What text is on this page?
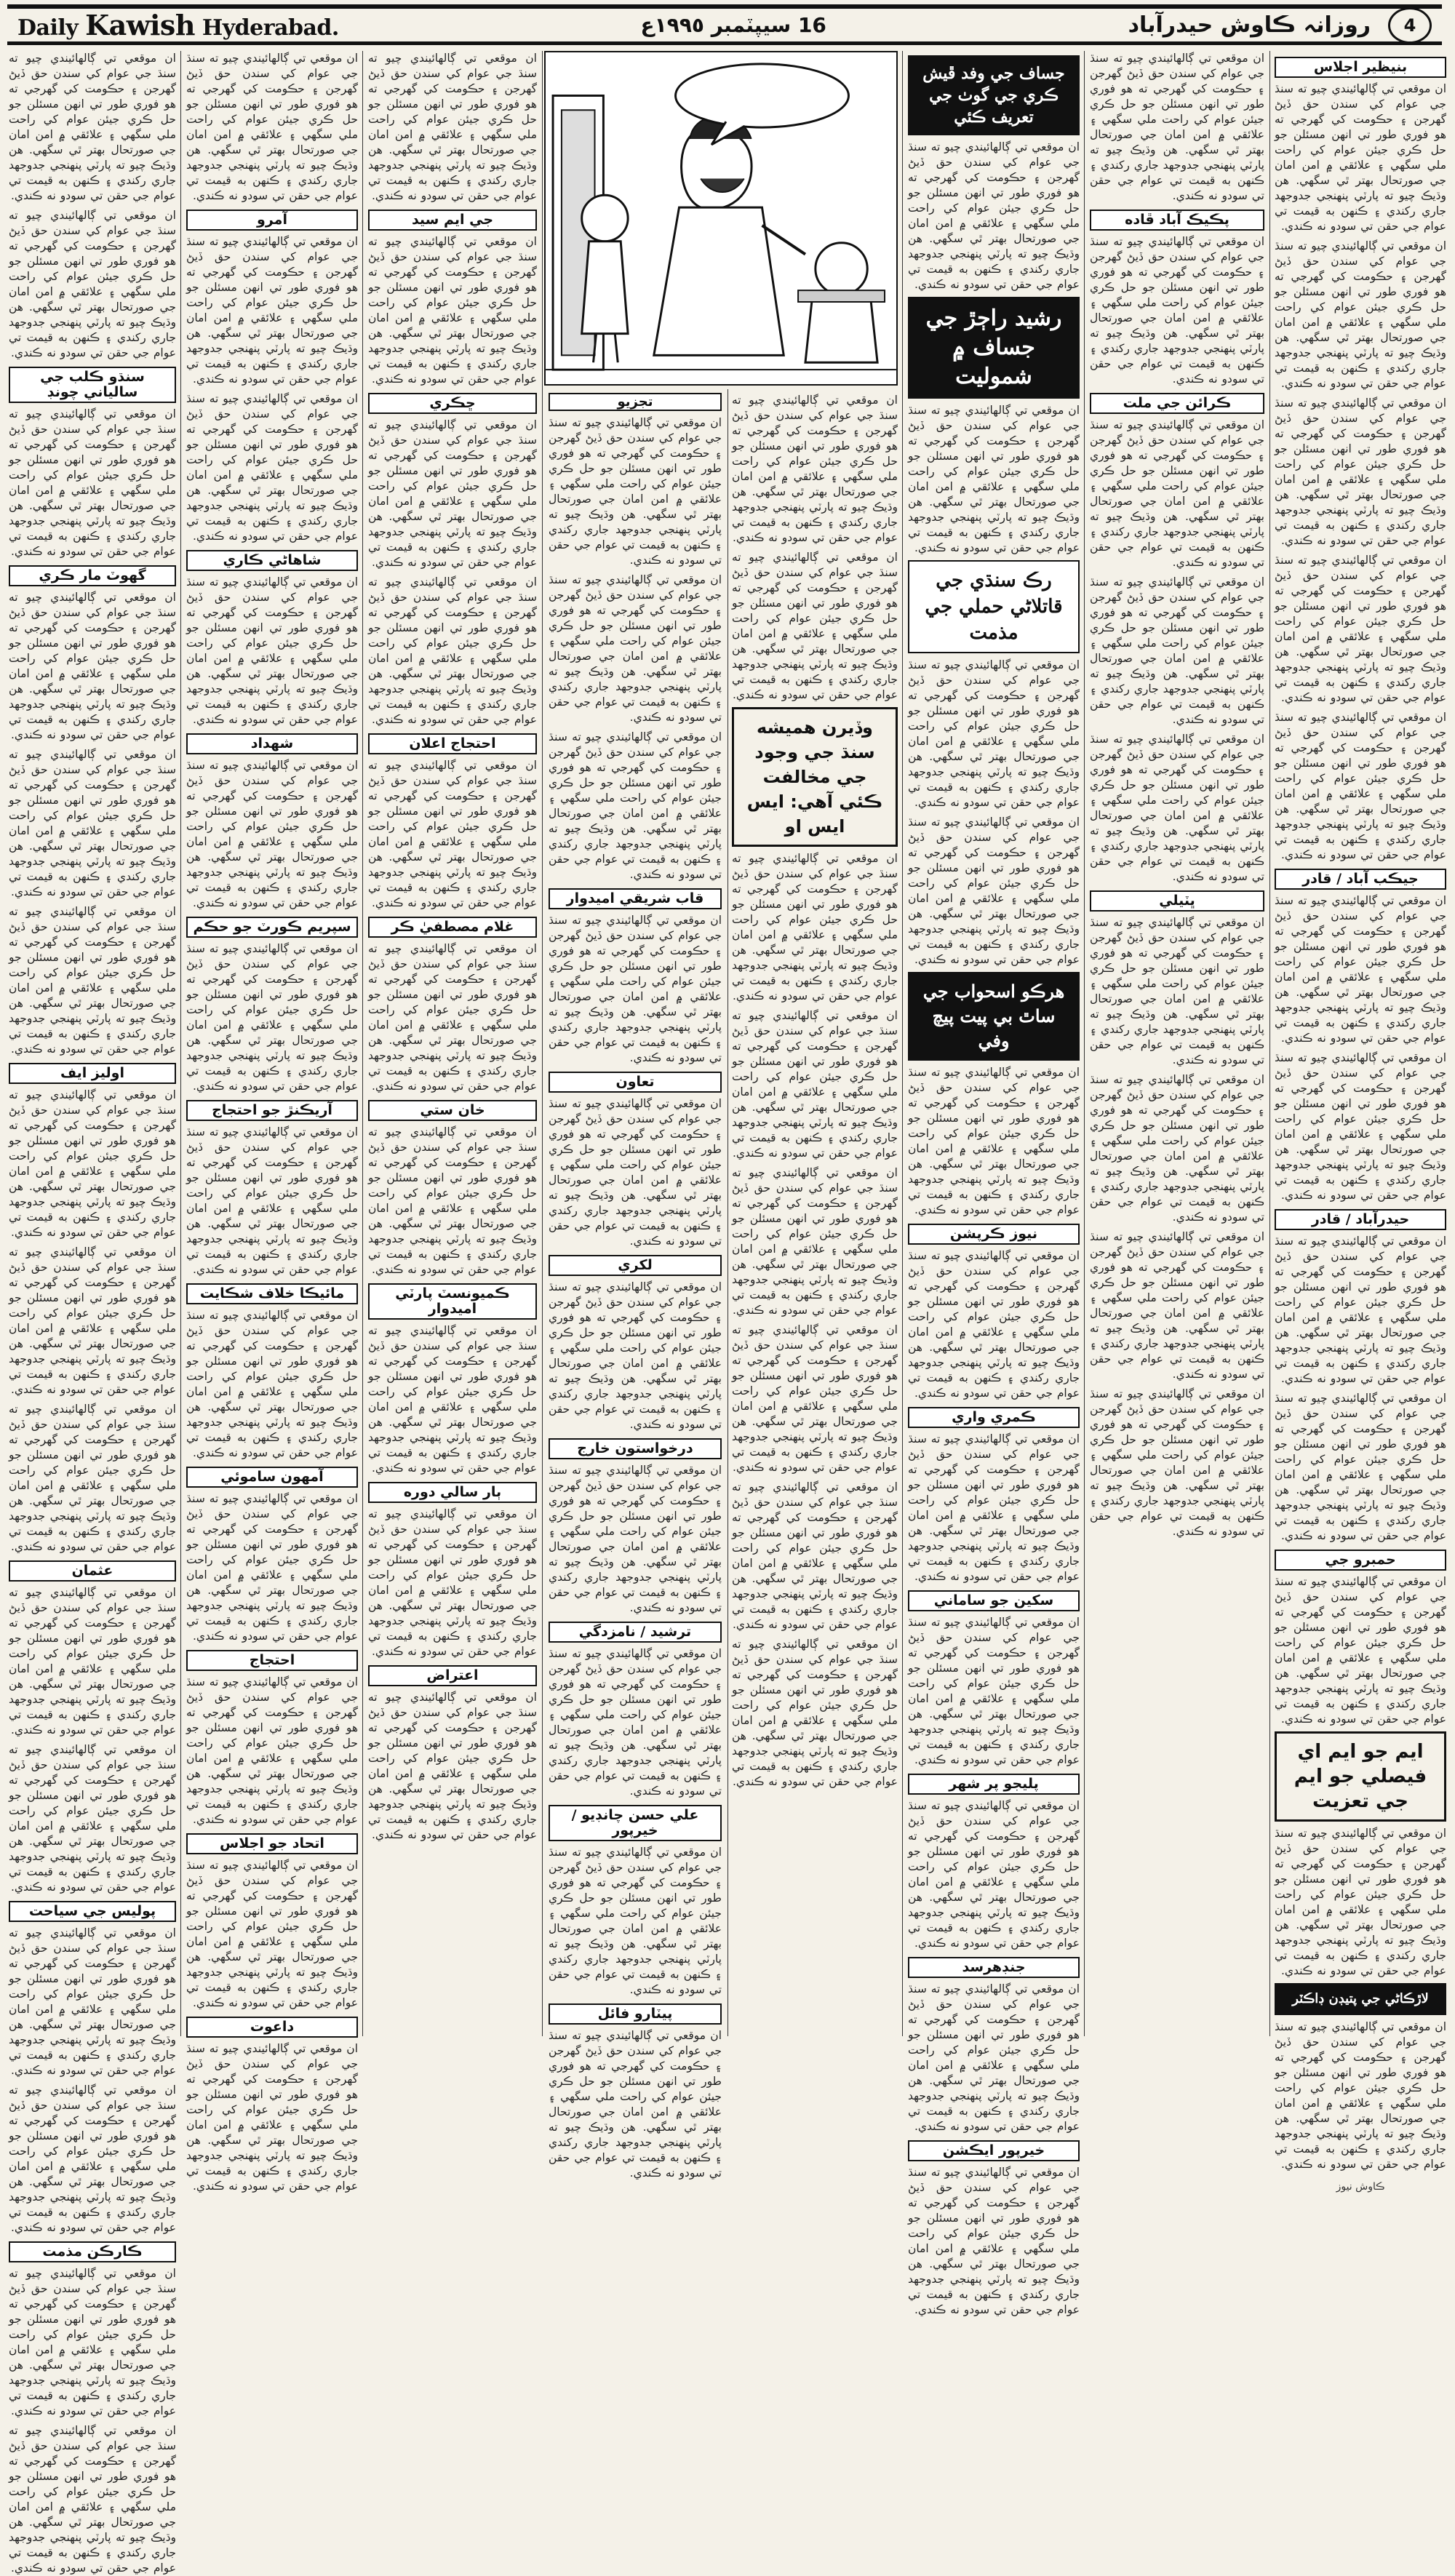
Daily Kawish Hyderabad.	16 سيپٽمبر ١٩٩٥ع	روزانہ ڪاوش حيدرآباد	4

ان موقعي تي ڳالهائيندي چيو ته سنڌ جي عوام کي سندن حق ڏيڻ گهرجن ۽ حڪومت کي گهرجي ته هو فوري طور تي انهن مسئلن جو حل ڪري جيئن عوام کي راحت ملي سگهي ۽ علائقي ۾ امن امان جي صورتحال بهتر ٿي سگهي. هن وڌيڪ چيو ته پارٽي پنهنجي جدوجهد جاري رکندي ۽ ڪنهن به قيمت تي عوام جي حقن تي سودو نه ڪندي.

ان موقعي تي ڳالهائيندي چيو ته سنڌ جي عوام کي سندن حق ڏيڻ گهرجن ۽ حڪومت کي گهرجي ته هو فوري طور تي انهن مسئلن جو حل ڪري جيئن عوام کي راحت ملي سگهي ۽ علائقي ۾ امن امان جي صورتحال بهتر ٿي سگهي. هن وڌيڪ چيو ته پارٽي پنهنجي جدوجهد جاري رکندي ۽ ڪنهن به قيمت تي عوام جي حقن تي سودو نه ڪندي.

سنڌو ڪلب جي سالياني چونڊ

ان موقعي تي ڳالهائيندي چيو ته سنڌ جي عوام کي سندن حق ڏيڻ گهرجن ۽ حڪومت کي گهرجي ته هو فوري طور تي انهن مسئلن جو حل ڪري جيئن عوام کي راحت ملي سگهي ۽ علائقي ۾ امن امان جي صورتحال بهتر ٿي سگهي. هن وڌيڪ چيو ته پارٽي پنهنجي جدوجهد جاري رکندي ۽ ڪنهن به قيمت تي عوام جي حقن تي سودو نه ڪندي.

گهوٽ مار ڪري

ان موقعي تي ڳالهائيندي چيو ته سنڌ جي عوام کي سندن حق ڏيڻ گهرجن ۽ حڪومت کي گهرجي ته هو فوري طور تي انهن مسئلن جو حل ڪري جيئن عوام کي راحت ملي سگهي ۽ علائقي ۾ امن امان جي صورتحال بهتر ٿي سگهي. هن وڌيڪ چيو ته پارٽي پنهنجي جدوجهد جاري رکندي ۽ ڪنهن به قيمت تي عوام جي حقن تي سودو نه ڪندي.

ان موقعي تي ڳالهائيندي چيو ته سنڌ جي عوام کي سندن حق ڏيڻ گهرجن ۽ حڪومت کي گهرجي ته هو فوري طور تي انهن مسئلن جو حل ڪري جيئن عوام کي راحت ملي سگهي ۽ علائقي ۾ امن امان جي صورتحال بهتر ٿي سگهي. هن وڌيڪ چيو ته پارٽي پنهنجي جدوجهد جاري رکندي ۽ ڪنهن به قيمت تي عوام جي حقن تي سودو نه ڪندي.

ان موقعي تي ڳالهائيندي چيو ته سنڌ جي عوام کي سندن حق ڏيڻ گهرجن ۽ حڪومت کي گهرجي ته هو فوري طور تي انهن مسئلن جو حل ڪري جيئن عوام کي راحت ملي سگهي ۽ علائقي ۾ امن امان جي صورتحال بهتر ٿي سگهي. هن وڌيڪ چيو ته پارٽي پنهنجي جدوجهد جاري رکندي ۽ ڪنهن به قيمت تي عوام جي حقن تي سودو نه ڪندي.

اوليز ايف

ان موقعي تي ڳالهائيندي چيو ته سنڌ جي عوام کي سندن حق ڏيڻ گهرجن ۽ حڪومت کي گهرجي ته هو فوري طور تي انهن مسئلن جو حل ڪري جيئن عوام کي راحت ملي سگهي ۽ علائقي ۾ امن امان جي صورتحال بهتر ٿي سگهي. هن وڌيڪ چيو ته پارٽي پنهنجي جدوجهد جاري رکندي ۽ ڪنهن به قيمت تي عوام جي حقن تي سودو نه ڪندي.

ان موقعي تي ڳالهائيندي چيو ته سنڌ جي عوام کي سندن حق ڏيڻ گهرجن ۽ حڪومت کي گهرجي ته هو فوري طور تي انهن مسئلن جو حل ڪري جيئن عوام کي راحت ملي سگهي ۽ علائقي ۾ امن امان جي صورتحال بهتر ٿي سگهي. هن وڌيڪ چيو ته پارٽي پنهنجي جدوجهد جاري رکندي ۽ ڪنهن به قيمت تي عوام جي حقن تي سودو نه ڪندي.

ان موقعي تي ڳالهائيندي چيو ته سنڌ جي عوام کي سندن حق ڏيڻ گهرجن ۽ حڪومت کي گهرجي ته هو فوري طور تي انهن مسئلن جو حل ڪري جيئن عوام کي راحت ملي سگهي ۽ علائقي ۾ امن امان جي صورتحال بهتر ٿي سگهي. هن وڌيڪ چيو ته پارٽي پنهنجي جدوجهد جاري رکندي ۽ ڪنهن به قيمت تي عوام جي حقن تي سودو نه ڪندي.

عثمان

ان موقعي تي ڳالهائيندي چيو ته سنڌ جي عوام کي سندن حق ڏيڻ گهرجن ۽ حڪومت کي گهرجي ته هو فوري طور تي انهن مسئلن جو حل ڪري جيئن عوام کي راحت ملي سگهي ۽ علائقي ۾ امن امان جي صورتحال بهتر ٿي سگهي. هن وڌيڪ چيو ته پارٽي پنهنجي جدوجهد جاري رکندي ۽ ڪنهن به قيمت تي عوام جي حقن تي سودو نه ڪندي.

ان موقعي تي ڳالهائيندي چيو ته سنڌ جي عوام کي سندن حق ڏيڻ گهرجن ۽ حڪومت کي گهرجي ته هو فوري طور تي انهن مسئلن جو حل ڪري جيئن عوام کي راحت ملي سگهي ۽ علائقي ۾ امن امان جي صورتحال بهتر ٿي سگهي. هن وڌيڪ چيو ته پارٽي پنهنجي جدوجهد جاري رکندي ۽ ڪنهن به قيمت تي عوام جي حقن تي سودو نه ڪندي.

پوليس جي سياحت

ان موقعي تي ڳالهائيندي چيو ته سنڌ جي عوام کي سندن حق ڏيڻ گهرجن ۽ حڪومت کي گهرجي ته هو فوري طور تي انهن مسئلن جو حل ڪري جيئن عوام کي راحت ملي سگهي ۽ علائقي ۾ امن امان جي صورتحال بهتر ٿي سگهي. هن وڌيڪ چيو ته پارٽي پنهنجي جدوجهد جاري رکندي ۽ ڪنهن به قيمت تي عوام جي حقن تي سودو نه ڪندي.

ان موقعي تي ڳالهائيندي چيو ته سنڌ جي عوام کي سندن حق ڏيڻ گهرجن ۽ حڪومت کي گهرجي ته هو فوري طور تي انهن مسئلن جو حل ڪري جيئن عوام کي راحت ملي سگهي ۽ علائقي ۾ امن امان جي صورتحال بهتر ٿي سگهي. هن وڌيڪ چيو ته پارٽي پنهنجي جدوجهد جاري رکندي ۽ ڪنهن به قيمت تي عوام جي حقن تي سودو نه ڪندي.

ڪارڪن مذمت

ان موقعي تي ڳالهائيندي چيو ته سنڌ جي عوام کي سندن حق ڏيڻ گهرجن ۽ حڪومت کي گهرجي ته هو فوري طور تي انهن مسئلن جو حل ڪري جيئن عوام کي راحت ملي سگهي ۽ علائقي ۾ امن امان جي صورتحال بهتر ٿي سگهي. هن وڌيڪ چيو ته پارٽي پنهنجي جدوجهد جاري رکندي ۽ ڪنهن به قيمت تي عوام جي حقن تي سودو نه ڪندي.

ان موقعي تي ڳالهائيندي چيو ته سنڌ جي عوام کي سندن حق ڏيڻ گهرجن ۽ حڪومت کي گهرجي ته هو فوري طور تي انهن مسئلن جو حل ڪري جيئن عوام کي راحت ملي سگهي ۽ علائقي ۾ امن امان جي صورتحال بهتر ٿي سگهي. هن وڌيڪ چيو ته پارٽي پنهنجي جدوجهد جاري رکندي ۽ ڪنهن به قيمت تي عوام جي حقن تي سودو نه ڪندي.

ان موقعي تي ڳالهائيندي چيو ته سنڌ جي عوام کي سندن حق ڏيڻ گهرجن ۽ حڪومت کي گهرجي ته هو فوري طور تي انهن مسئلن جو حل ڪري جيئن عوام کي راحت ملي سگهي ۽ علائقي ۾ امن امان جي صورتحال بهتر ٿي سگهي. هن وڌيڪ چيو ته پارٽي پنهنجي جدوجهد جاري رکندي ۽ ڪنهن به قيمت تي عوام جي حقن تي سودو نه ڪندي.

آمرو

ان موقعي تي ڳالهائيندي چيو ته سنڌ جي عوام کي سندن حق ڏيڻ گهرجن ۽ حڪومت کي گهرجي ته هو فوري طور تي انهن مسئلن جو حل ڪري جيئن عوام کي راحت ملي سگهي ۽ علائقي ۾ امن امان جي صورتحال بهتر ٿي سگهي. هن وڌيڪ چيو ته پارٽي پنهنجي جدوجهد جاري رکندي ۽ ڪنهن به قيمت تي عوام جي حقن تي سودو نه ڪندي.

ان موقعي تي ڳالهائيندي چيو ته سنڌ جي عوام کي سندن حق ڏيڻ گهرجن ۽ حڪومت کي گهرجي ته هو فوري طور تي انهن مسئلن جو حل ڪري جيئن عوام کي راحت ملي سگهي ۽ علائقي ۾ امن امان جي صورتحال بهتر ٿي سگهي. هن وڌيڪ چيو ته پارٽي پنهنجي جدوجهد جاري رکندي ۽ ڪنهن به قيمت تي عوام جي حقن تي سودو نه ڪندي.

شاهاڻي ڪاري

ان موقعي تي ڳالهائيندي چيو ته سنڌ جي عوام کي سندن حق ڏيڻ گهرجن ۽ حڪومت کي گهرجي ته هو فوري طور تي انهن مسئلن جو حل ڪري جيئن عوام کي راحت ملي سگهي ۽ علائقي ۾ امن امان جي صورتحال بهتر ٿي سگهي. هن وڌيڪ چيو ته پارٽي پنهنجي جدوجهد جاري رکندي ۽ ڪنهن به قيمت تي عوام جي حقن تي سودو نه ڪندي.

شهداد

ان موقعي تي ڳالهائيندي چيو ته سنڌ جي عوام کي سندن حق ڏيڻ گهرجن ۽ حڪومت کي گهرجي ته هو فوري طور تي انهن مسئلن جو حل ڪري جيئن عوام کي راحت ملي سگهي ۽ علائقي ۾ امن امان جي صورتحال بهتر ٿي سگهي. هن وڌيڪ چيو ته پارٽي پنهنجي جدوجهد جاري رکندي ۽ ڪنهن به قيمت تي عوام جي حقن تي سودو نه ڪندي.

سپريم ڪورٽ جو حڪم

ان موقعي تي ڳالهائيندي چيو ته سنڌ جي عوام کي سندن حق ڏيڻ گهرجن ۽ حڪومت کي گهرجي ته هو فوري طور تي انهن مسئلن جو حل ڪري جيئن عوام کي راحت ملي سگهي ۽ علائقي ۾ امن امان جي صورتحال بهتر ٿي سگهي. هن وڌيڪ چيو ته پارٽي پنهنجي جدوجهد جاري رکندي ۽ ڪنهن به قيمت تي عوام جي حقن تي سودو نه ڪندي.

آريڪنڙ جو احتجاج

ان موقعي تي ڳالهائيندي چيو ته سنڌ جي عوام کي سندن حق ڏيڻ گهرجن ۽ حڪومت کي گهرجي ته هو فوري طور تي انهن مسئلن جو حل ڪري جيئن عوام کي راحت ملي سگهي ۽ علائقي ۾ امن امان جي صورتحال بهتر ٿي سگهي. هن وڌيڪ چيو ته پارٽي پنهنجي جدوجهد جاري رکندي ۽ ڪنهن به قيمت تي عوام جي حقن تي سودو نه ڪندي.

مائيڪا خلاف شڪايت

ان موقعي تي ڳالهائيندي چيو ته سنڌ جي عوام کي سندن حق ڏيڻ گهرجن ۽ حڪومت کي گهرجي ته هو فوري طور تي انهن مسئلن جو حل ڪري جيئن عوام کي راحت ملي سگهي ۽ علائقي ۾ امن امان جي صورتحال بهتر ٿي سگهي. هن وڌيڪ چيو ته پارٽي پنهنجي جدوجهد جاري رکندي ۽ ڪنهن به قيمت تي عوام جي حقن تي سودو نه ڪندي.

آمهون ساموئي

ان موقعي تي ڳالهائيندي چيو ته سنڌ جي عوام کي سندن حق ڏيڻ گهرجن ۽ حڪومت کي گهرجي ته هو فوري طور تي انهن مسئلن جو حل ڪري جيئن عوام کي راحت ملي سگهي ۽ علائقي ۾ امن امان جي صورتحال بهتر ٿي سگهي. هن وڌيڪ چيو ته پارٽي پنهنجي جدوجهد جاري رکندي ۽ ڪنهن به قيمت تي عوام جي حقن تي سودو نه ڪندي.

احتجاج

ان موقعي تي ڳالهائيندي چيو ته سنڌ جي عوام کي سندن حق ڏيڻ گهرجن ۽ حڪومت کي گهرجي ته هو فوري طور تي انهن مسئلن جو حل ڪري جيئن عوام کي راحت ملي سگهي ۽ علائقي ۾ امن امان جي صورتحال بهتر ٿي سگهي. هن وڌيڪ چيو ته پارٽي پنهنجي جدوجهد جاري رکندي ۽ ڪنهن به قيمت تي عوام جي حقن تي سودو نه ڪندي.

اتحاد جو اجلاس

ان موقعي تي ڳالهائيندي چيو ته سنڌ جي عوام کي سندن حق ڏيڻ گهرجن ۽ حڪومت کي گهرجي ته هو فوري طور تي انهن مسئلن جو حل ڪري جيئن عوام کي راحت ملي سگهي ۽ علائقي ۾ امن امان جي صورتحال بهتر ٿي سگهي. هن وڌيڪ چيو ته پارٽي پنهنجي جدوجهد جاري رکندي ۽ ڪنهن به قيمت تي عوام جي حقن تي سودو نه ڪندي.

داعوت

ان موقعي تي ڳالهائيندي چيو ته سنڌ جي عوام کي سندن حق ڏيڻ گهرجن ۽ حڪومت کي گهرجي ته هو فوري طور تي انهن مسئلن جو حل ڪري جيئن عوام کي راحت ملي سگهي ۽ علائقي ۾ امن امان جي صورتحال بهتر ٿي سگهي. هن وڌيڪ چيو ته پارٽي پنهنجي جدوجهد جاري رکندي ۽ ڪنهن به قيمت تي عوام جي حقن تي سودو نه ڪندي.

ان موقعي تي ڳالهائيندي چيو ته سنڌ جي عوام کي سندن حق ڏيڻ گهرجن ۽ حڪومت کي گهرجي ته هو فوري طور تي انهن مسئلن جو حل ڪري جيئن عوام کي راحت ملي سگهي ۽ علائقي ۾ امن امان جي صورتحال بهتر ٿي سگهي. هن وڌيڪ چيو ته پارٽي پنهنجي جدوجهد جاري رکندي ۽ ڪنهن به قيمت تي عوام جي حقن تي سودو نه ڪندي.

جي ايم سيد

ان موقعي تي ڳالهائيندي چيو ته سنڌ جي عوام کي سندن حق ڏيڻ گهرجن ۽ حڪومت کي گهرجي ته هو فوري طور تي انهن مسئلن جو حل ڪري جيئن عوام کي راحت ملي سگهي ۽ علائقي ۾ امن امان جي صورتحال بهتر ٿي سگهي. هن وڌيڪ چيو ته پارٽي پنهنجي جدوجهد جاري رکندي ۽ ڪنهن به قيمت تي عوام جي حقن تي سودو نه ڪندي.

ڇڪري

ان موقعي تي ڳالهائيندي چيو ته سنڌ جي عوام کي سندن حق ڏيڻ گهرجن ۽ حڪومت کي گهرجي ته هو فوري طور تي انهن مسئلن جو حل ڪري جيئن عوام کي راحت ملي سگهي ۽ علائقي ۾ امن امان جي صورتحال بهتر ٿي سگهي. هن وڌيڪ چيو ته پارٽي پنهنجي جدوجهد جاري رکندي ۽ ڪنهن به قيمت تي عوام جي حقن تي سودو نه ڪندي.

ان موقعي تي ڳالهائيندي چيو ته سنڌ جي عوام کي سندن حق ڏيڻ گهرجن ۽ حڪومت کي گهرجي ته هو فوري طور تي انهن مسئلن جو حل ڪري جيئن عوام کي راحت ملي سگهي ۽ علائقي ۾ امن امان جي صورتحال بهتر ٿي سگهي. هن وڌيڪ چيو ته پارٽي پنهنجي جدوجهد جاري رکندي ۽ ڪنهن به قيمت تي عوام جي حقن تي سودو نه ڪندي.

احتجاج اعلان

ان موقعي تي ڳالهائيندي چيو ته سنڌ جي عوام کي سندن حق ڏيڻ گهرجن ۽ حڪومت کي گهرجي ته هو فوري طور تي انهن مسئلن جو حل ڪري جيئن عوام کي راحت ملي سگهي ۽ علائقي ۾ امن امان جي صورتحال بهتر ٿي سگهي. هن وڌيڪ چيو ته پارٽي پنهنجي جدوجهد جاري رکندي ۽ ڪنهن به قيمت تي عوام جي حقن تي سودو نه ڪندي.

غلام مصطفيٰ ڪر

ان موقعي تي ڳالهائيندي چيو ته سنڌ جي عوام کي سندن حق ڏيڻ گهرجن ۽ حڪومت کي گهرجي ته هو فوري طور تي انهن مسئلن جو حل ڪري جيئن عوام کي راحت ملي سگهي ۽ علائقي ۾ امن امان جي صورتحال بهتر ٿي سگهي. هن وڌيڪ چيو ته پارٽي پنهنجي جدوجهد جاري رکندي ۽ ڪنهن به قيمت تي عوام جي حقن تي سودو نه ڪندي.

خان ستي

ان موقعي تي ڳالهائيندي چيو ته سنڌ جي عوام کي سندن حق ڏيڻ گهرجن ۽ حڪومت کي گهرجي ته هو فوري طور تي انهن مسئلن جو حل ڪري جيئن عوام کي راحت ملي سگهي ۽ علائقي ۾ امن امان جي صورتحال بهتر ٿي سگهي. هن وڌيڪ چيو ته پارٽي پنهنجي جدوجهد جاري رکندي ۽ ڪنهن به قيمت تي عوام جي حقن تي سودو نه ڪندي.

ڪميونسٽ پارٽي اميدوار

ان موقعي تي ڳالهائيندي چيو ته سنڌ جي عوام کي سندن حق ڏيڻ گهرجن ۽ حڪومت کي گهرجي ته هو فوري طور تي انهن مسئلن جو حل ڪري جيئن عوام کي راحت ملي سگهي ۽ علائقي ۾ امن امان جي صورتحال بهتر ٿي سگهي. هن وڌيڪ چيو ته پارٽي پنهنجي جدوجهد جاري رکندي ۽ ڪنهن به قيمت تي عوام جي حقن تي سودو نه ڪندي.

ٻار سالي دوره

ان موقعي تي ڳالهائيندي چيو ته سنڌ جي عوام کي سندن حق ڏيڻ گهرجن ۽ حڪومت کي گهرجي ته هو فوري طور تي انهن مسئلن جو حل ڪري جيئن عوام کي راحت ملي سگهي ۽ علائقي ۾ امن امان جي صورتحال بهتر ٿي سگهي. هن وڌيڪ چيو ته پارٽي پنهنجي جدوجهد جاري رکندي ۽ ڪنهن به قيمت تي عوام جي حقن تي سودو نه ڪندي.

اعتراض

ان موقعي تي ڳالهائيندي چيو ته سنڌ جي عوام کي سندن حق ڏيڻ گهرجن ۽ حڪومت کي گهرجي ته هو فوري طور تي انهن مسئلن جو حل ڪري جيئن عوام کي راحت ملي سگهي ۽ علائقي ۾ امن امان جي صورتحال بهتر ٿي سگهي. هن وڌيڪ چيو ته پارٽي پنهنجي جدوجهد جاري رکندي ۽ ڪنهن به قيمت تي عوام جي حقن تي سودو نه ڪندي.

تجزيو

ان موقعي تي ڳالهائيندي چيو ته سنڌ جي عوام کي سندن حق ڏيڻ گهرجن ۽ حڪومت کي گهرجي ته هو فوري طور تي انهن مسئلن جو حل ڪري جيئن عوام کي راحت ملي سگهي ۽ علائقي ۾ امن امان جي صورتحال بهتر ٿي سگهي. هن وڌيڪ چيو ته پارٽي پنهنجي جدوجهد جاري رکندي ۽ ڪنهن به قيمت تي عوام جي حقن تي سودو نه ڪندي.

ان موقعي تي ڳالهائيندي چيو ته سنڌ جي عوام کي سندن حق ڏيڻ گهرجن ۽ حڪومت کي گهرجي ته هو فوري طور تي انهن مسئلن جو حل ڪري جيئن عوام کي راحت ملي سگهي ۽ علائقي ۾ امن امان جي صورتحال بهتر ٿي سگهي. هن وڌيڪ چيو ته پارٽي پنهنجي جدوجهد جاري رکندي ۽ ڪنهن به قيمت تي عوام جي حقن تي سودو نه ڪندي.

ان موقعي تي ڳالهائيندي چيو ته سنڌ جي عوام کي سندن حق ڏيڻ گهرجن ۽ حڪومت کي گهرجي ته هو فوري طور تي انهن مسئلن جو حل ڪري جيئن عوام کي راحت ملي سگهي ۽ علائقي ۾ امن امان جي صورتحال بهتر ٿي سگهي. هن وڌيڪ چيو ته پارٽي پنهنجي جدوجهد جاري رکندي ۽ ڪنهن به قيمت تي عوام جي حقن تي سودو نه ڪندي.

قاب شريقي اميدوار

ان موقعي تي ڳالهائيندي چيو ته سنڌ جي عوام کي سندن حق ڏيڻ گهرجن ۽ حڪومت کي گهرجي ته هو فوري طور تي انهن مسئلن جو حل ڪري جيئن عوام کي راحت ملي سگهي ۽ علائقي ۾ امن امان جي صورتحال بهتر ٿي سگهي. هن وڌيڪ چيو ته پارٽي پنهنجي جدوجهد جاري رکندي ۽ ڪنهن به قيمت تي عوام جي حقن تي سودو نه ڪندي.

تعاون

ان موقعي تي ڳالهائيندي چيو ته سنڌ جي عوام کي سندن حق ڏيڻ گهرجن ۽ حڪومت کي گهرجي ته هو فوري طور تي انهن مسئلن جو حل ڪري جيئن عوام کي راحت ملي سگهي ۽ علائقي ۾ امن امان جي صورتحال بهتر ٿي سگهي. هن وڌيڪ چيو ته پارٽي پنهنجي جدوجهد جاري رکندي ۽ ڪنهن به قيمت تي عوام جي حقن تي سودو نه ڪندي.

لکري

ان موقعي تي ڳالهائيندي چيو ته سنڌ جي عوام کي سندن حق ڏيڻ گهرجن ۽ حڪومت کي گهرجي ته هو فوري طور تي انهن مسئلن جو حل ڪري جيئن عوام کي راحت ملي سگهي ۽ علائقي ۾ امن امان جي صورتحال بهتر ٿي سگهي. هن وڌيڪ چيو ته پارٽي پنهنجي جدوجهد جاري رکندي ۽ ڪنهن به قيمت تي عوام جي حقن تي سودو نه ڪندي.

درخواستون خارج

ان موقعي تي ڳالهائيندي چيو ته سنڌ جي عوام کي سندن حق ڏيڻ گهرجن ۽ حڪومت کي گهرجي ته هو فوري طور تي انهن مسئلن جو حل ڪري جيئن عوام کي راحت ملي سگهي ۽ علائقي ۾ امن امان جي صورتحال بهتر ٿي سگهي. هن وڌيڪ چيو ته پارٽي پنهنجي جدوجهد جاري رکندي ۽ ڪنهن به قيمت تي عوام جي حقن تي سودو نه ڪندي.

ترشيد / نامزدگي

ان موقعي تي ڳالهائيندي چيو ته سنڌ جي عوام کي سندن حق ڏيڻ گهرجن ۽ حڪومت کي گهرجي ته هو فوري طور تي انهن مسئلن جو حل ڪري جيئن عوام کي راحت ملي سگهي ۽ علائقي ۾ امن امان جي صورتحال بهتر ٿي سگهي. هن وڌيڪ چيو ته پارٽي پنهنجي جدوجهد جاري رکندي ۽ ڪنهن به قيمت تي عوام جي حقن تي سودو نه ڪندي.

علي حسن چانڊيو / خيرپور

ان موقعي تي ڳالهائيندي چيو ته سنڌ جي عوام کي سندن حق ڏيڻ گهرجن ۽ حڪومت کي گهرجي ته هو فوري طور تي انهن مسئلن جو حل ڪري جيئن عوام کي راحت ملي سگهي ۽ علائقي ۾ امن امان جي صورتحال بهتر ٿي سگهي. هن وڌيڪ چيو ته پارٽي پنهنجي جدوجهد جاري رکندي ۽ ڪنهن به قيمت تي عوام جي حقن تي سودو نه ڪندي.

پيٽارو فائل

ان موقعي تي ڳالهائيندي چيو ته سنڌ جي عوام کي سندن حق ڏيڻ گهرجن ۽ حڪومت کي گهرجي ته هو فوري طور تي انهن مسئلن جو حل ڪري جيئن عوام کي راحت ملي سگهي ۽ علائقي ۾ امن امان جي صورتحال بهتر ٿي سگهي. هن وڌيڪ چيو ته پارٽي پنهنجي جدوجهد جاري رکندي ۽ ڪنهن به قيمت تي عوام جي حقن تي سودو نه ڪندي.

ان موقعي تي ڳالهائيندي چيو ته سنڌ جي عوام کي سندن حق ڏيڻ گهرجن ۽ حڪومت کي گهرجي ته هو فوري طور تي انهن مسئلن جو حل ڪري جيئن عوام کي راحت ملي سگهي ۽ علائقي ۾ امن امان جي صورتحال بهتر ٿي سگهي. هن وڌيڪ چيو ته پارٽي پنهنجي جدوجهد جاري رکندي ۽ ڪنهن به قيمت تي عوام جي حقن تي سودو نه ڪندي.

ان موقعي تي ڳالهائيندي چيو ته سنڌ جي عوام کي سندن حق ڏيڻ گهرجن ۽ حڪومت کي گهرجي ته هو فوري طور تي انهن مسئلن جو حل ڪري جيئن عوام کي راحت ملي سگهي ۽ علائقي ۾ امن امان جي صورتحال بهتر ٿي سگهي. هن وڌيڪ چيو ته پارٽي پنهنجي جدوجهد جاري رکندي ۽ ڪنهن به قيمت تي عوام جي حقن تي سودو نه ڪندي.

وڏيرن هميشه سنڌ جي وجود جي مخالفت ڪئي آهي: ايس ايس او

ان موقعي تي ڳالهائيندي چيو ته سنڌ جي عوام کي سندن حق ڏيڻ گهرجن ۽ حڪومت کي گهرجي ته هو فوري طور تي انهن مسئلن جو حل ڪري جيئن عوام کي راحت ملي سگهي ۽ علائقي ۾ امن امان جي صورتحال بهتر ٿي سگهي. هن وڌيڪ چيو ته پارٽي پنهنجي جدوجهد جاري رکندي ۽ ڪنهن به قيمت تي عوام جي حقن تي سودو نه ڪندي.

ان موقعي تي ڳالهائيندي چيو ته سنڌ جي عوام کي سندن حق ڏيڻ گهرجن ۽ حڪومت کي گهرجي ته هو فوري طور تي انهن مسئلن جو حل ڪري جيئن عوام کي راحت ملي سگهي ۽ علائقي ۾ امن امان جي صورتحال بهتر ٿي سگهي. هن وڌيڪ چيو ته پارٽي پنهنجي جدوجهد جاري رکندي ۽ ڪنهن به قيمت تي عوام جي حقن تي سودو نه ڪندي.

ان موقعي تي ڳالهائيندي چيو ته سنڌ جي عوام کي سندن حق ڏيڻ گهرجن ۽ حڪومت کي گهرجي ته هو فوري طور تي انهن مسئلن جو حل ڪري جيئن عوام کي راحت ملي سگهي ۽ علائقي ۾ امن امان جي صورتحال بهتر ٿي سگهي. هن وڌيڪ چيو ته پارٽي پنهنجي جدوجهد جاري رکندي ۽ ڪنهن به قيمت تي عوام جي حقن تي سودو نه ڪندي.

ان موقعي تي ڳالهائيندي چيو ته سنڌ جي عوام کي سندن حق ڏيڻ گهرجن ۽ حڪومت کي گهرجي ته هو فوري طور تي انهن مسئلن جو حل ڪري جيئن عوام کي راحت ملي سگهي ۽ علائقي ۾ امن امان جي صورتحال بهتر ٿي سگهي. هن وڌيڪ چيو ته پارٽي پنهنجي جدوجهد جاري رکندي ۽ ڪنهن به قيمت تي عوام جي حقن تي سودو نه ڪندي.

ان موقعي تي ڳالهائيندي چيو ته سنڌ جي عوام کي سندن حق ڏيڻ گهرجن ۽ حڪومت کي گهرجي ته هو فوري طور تي انهن مسئلن جو حل ڪري جيئن عوام کي راحت ملي سگهي ۽ علائقي ۾ امن امان جي صورتحال بهتر ٿي سگهي. هن وڌيڪ چيو ته پارٽي پنهنجي جدوجهد جاري رکندي ۽ ڪنهن به قيمت تي عوام جي حقن تي سودو نه ڪندي.

ان موقعي تي ڳالهائيندي چيو ته سنڌ جي عوام کي سندن حق ڏيڻ گهرجن ۽ حڪومت کي گهرجي ته هو فوري طور تي انهن مسئلن جو حل ڪري جيئن عوام کي راحت ملي سگهي ۽ علائقي ۾ امن امان جي صورتحال بهتر ٿي سگهي. هن وڌيڪ چيو ته پارٽي پنهنجي جدوجهد جاري رکندي ۽ ڪنهن به قيمت تي عوام جي حقن تي سودو نه ڪندي.

جساف جي وفد ڦيش ڪري جي گوٺ جي تعريف ڪئي

ان موقعي تي ڳالهائيندي چيو ته سنڌ جي عوام کي سندن حق ڏيڻ گهرجن ۽ حڪومت کي گهرجي ته هو فوري طور تي انهن مسئلن جو حل ڪري جيئن عوام کي راحت ملي سگهي ۽ علائقي ۾ امن امان جي صورتحال بهتر ٿي سگهي. هن وڌيڪ چيو ته پارٽي پنهنجي جدوجهد جاري رکندي ۽ ڪنهن به قيمت تي عوام جي حقن تي سودو نه ڪندي.

رشيد راڄڙ جي جساف ۾ شموليت

ان موقعي تي ڳالهائيندي چيو ته سنڌ جي عوام کي سندن حق ڏيڻ گهرجن ۽ حڪومت کي گهرجي ته هو فوري طور تي انهن مسئلن جو حل ڪري جيئن عوام کي راحت ملي سگهي ۽ علائقي ۾ امن امان جي صورتحال بهتر ٿي سگهي. هن وڌيڪ چيو ته پارٽي پنهنجي جدوجهد جاري رکندي ۽ ڪنهن به قيمت تي عوام جي حقن تي سودو نه ڪندي.

رڪ سنڌي جي قاتلاڻي حملي جي مذمت

ان موقعي تي ڳالهائيندي چيو ته سنڌ جي عوام کي سندن حق ڏيڻ گهرجن ۽ حڪومت کي گهرجي ته هو فوري طور تي انهن مسئلن جو حل ڪري جيئن عوام کي راحت ملي سگهي ۽ علائقي ۾ امن امان جي صورتحال بهتر ٿي سگهي. هن وڌيڪ چيو ته پارٽي پنهنجي جدوجهد جاري رکندي ۽ ڪنهن به قيمت تي عوام جي حقن تي سودو نه ڪندي.

ان موقعي تي ڳالهائيندي چيو ته سنڌ جي عوام کي سندن حق ڏيڻ گهرجن ۽ حڪومت کي گهرجي ته هو فوري طور تي انهن مسئلن جو حل ڪري جيئن عوام کي راحت ملي سگهي ۽ علائقي ۾ امن امان جي صورتحال بهتر ٿي سگهي. هن وڌيڪ چيو ته پارٽي پنهنجي جدوجهد جاري رکندي ۽ ڪنهن به قيمت تي عوام جي حقن تي سودو نه ڪندي.

هرڪو اسحواب جي ساٿ بي پيت پيچ وفي

ان موقعي تي ڳالهائيندي چيو ته سنڌ جي عوام کي سندن حق ڏيڻ گهرجن ۽ حڪومت کي گهرجي ته هو فوري طور تي انهن مسئلن جو حل ڪري جيئن عوام کي راحت ملي سگهي ۽ علائقي ۾ امن امان جي صورتحال بهتر ٿي سگهي. هن وڌيڪ چيو ته پارٽي پنهنجي جدوجهد جاري رکندي ۽ ڪنهن به قيمت تي عوام جي حقن تي سودو نه ڪندي.

نيوز ڪرپشن

ان موقعي تي ڳالهائيندي چيو ته سنڌ جي عوام کي سندن حق ڏيڻ گهرجن ۽ حڪومت کي گهرجي ته هو فوري طور تي انهن مسئلن جو حل ڪري جيئن عوام کي راحت ملي سگهي ۽ علائقي ۾ امن امان جي صورتحال بهتر ٿي سگهي. هن وڌيڪ چيو ته پارٽي پنهنجي جدوجهد جاري رکندي ۽ ڪنهن به قيمت تي عوام جي حقن تي سودو نه ڪندي.

ڪمري واري

ان موقعي تي ڳالهائيندي چيو ته سنڌ جي عوام کي سندن حق ڏيڻ گهرجن ۽ حڪومت کي گهرجي ته هو فوري طور تي انهن مسئلن جو حل ڪري جيئن عوام کي راحت ملي سگهي ۽ علائقي ۾ امن امان جي صورتحال بهتر ٿي سگهي. هن وڌيڪ چيو ته پارٽي پنهنجي جدوجهد جاري رکندي ۽ ڪنهن به قيمت تي عوام جي حقن تي سودو نه ڪندي.

سکين جو ساماني

ان موقعي تي ڳالهائيندي چيو ته سنڌ جي عوام کي سندن حق ڏيڻ گهرجن ۽ حڪومت کي گهرجي ته هو فوري طور تي انهن مسئلن جو حل ڪري جيئن عوام کي راحت ملي سگهي ۽ علائقي ۾ امن امان جي صورتحال بهتر ٿي سگهي. هن وڌيڪ چيو ته پارٽي پنهنجي جدوجهد جاري رکندي ۽ ڪنهن به قيمت تي عوام جي حقن تي سودو نه ڪندي.

پليجو پر شهر

ان موقعي تي ڳالهائيندي چيو ته سنڌ جي عوام کي سندن حق ڏيڻ گهرجن ۽ حڪومت کي گهرجي ته هو فوري طور تي انهن مسئلن جو حل ڪري جيئن عوام کي راحت ملي سگهي ۽ علائقي ۾ امن امان جي صورتحال بهتر ٿي سگهي. هن وڌيڪ چيو ته پارٽي پنهنجي جدوجهد جاري رکندي ۽ ڪنهن به قيمت تي عوام جي حقن تي سودو نه ڪندي.

جنڊهرسد

ان موقعي تي ڳالهائيندي چيو ته سنڌ جي عوام کي سندن حق ڏيڻ گهرجن ۽ حڪومت کي گهرجي ته هو فوري طور تي انهن مسئلن جو حل ڪري جيئن عوام کي راحت ملي سگهي ۽ علائقي ۾ امن امان جي صورتحال بهتر ٿي سگهي. هن وڌيڪ چيو ته پارٽي پنهنجي جدوجهد جاري رکندي ۽ ڪنهن به قيمت تي عوام جي حقن تي سودو نه ڪندي.

خيرپور ايڪشن

ان موقعي تي ڳالهائيندي چيو ته سنڌ جي عوام کي سندن حق ڏيڻ گهرجن ۽ حڪومت کي گهرجي ته هو فوري طور تي انهن مسئلن جو حل ڪري جيئن عوام کي راحت ملي سگهي ۽ علائقي ۾ امن امان جي صورتحال بهتر ٿي سگهي. هن وڌيڪ چيو ته پارٽي پنهنجي جدوجهد جاري رکندي ۽ ڪنهن به قيمت تي عوام جي حقن تي سودو نه ڪندي.

ان موقعي تي ڳالهائيندي چيو ته سنڌ جي عوام کي سندن حق ڏيڻ گهرجن ۽ حڪومت کي گهرجي ته هو فوري طور تي انهن مسئلن جو حل ڪري جيئن عوام کي راحت ملي سگهي ۽ علائقي ۾ امن امان جي صورتحال بهتر ٿي سگهي. هن وڌيڪ چيو ته پارٽي پنهنجي جدوجهد جاري رکندي ۽ ڪنهن به قيمت تي عوام جي حقن تي سودو نه ڪندي.

پڪيڪ آباد ڦاده

ان موقعي تي ڳالهائيندي چيو ته سنڌ جي عوام کي سندن حق ڏيڻ گهرجن ۽ حڪومت کي گهرجي ته هو فوري طور تي انهن مسئلن جو حل ڪري جيئن عوام کي راحت ملي سگهي ۽ علائقي ۾ امن امان جي صورتحال بهتر ٿي سگهي. هن وڌيڪ چيو ته پارٽي پنهنجي جدوجهد جاري رکندي ۽ ڪنهن به قيمت تي عوام جي حقن تي سودو نه ڪندي.

ڪرائن جي ملت

ان موقعي تي ڳالهائيندي چيو ته سنڌ جي عوام کي سندن حق ڏيڻ گهرجن ۽ حڪومت کي گهرجي ته هو فوري طور تي انهن مسئلن جو حل ڪري جيئن عوام کي راحت ملي سگهي ۽ علائقي ۾ امن امان جي صورتحال بهتر ٿي سگهي. هن وڌيڪ چيو ته پارٽي پنهنجي جدوجهد جاري رکندي ۽ ڪنهن به قيمت تي عوام جي حقن تي سودو نه ڪندي.

ان موقعي تي ڳالهائيندي چيو ته سنڌ جي عوام کي سندن حق ڏيڻ گهرجن ۽ حڪومت کي گهرجي ته هو فوري طور تي انهن مسئلن جو حل ڪري جيئن عوام کي راحت ملي سگهي ۽ علائقي ۾ امن امان جي صورتحال بهتر ٿي سگهي. هن وڌيڪ چيو ته پارٽي پنهنجي جدوجهد جاري رکندي ۽ ڪنهن به قيمت تي عوام جي حقن تي سودو نه ڪندي.

ان موقعي تي ڳالهائيندي چيو ته سنڌ جي عوام کي سندن حق ڏيڻ گهرجن ۽ حڪومت کي گهرجي ته هو فوري طور تي انهن مسئلن جو حل ڪري جيئن عوام کي راحت ملي سگهي ۽ علائقي ۾ امن امان جي صورتحال بهتر ٿي سگهي. هن وڌيڪ چيو ته پارٽي پنهنجي جدوجهد جاري رکندي ۽ ڪنهن به قيمت تي عوام جي حقن تي سودو نه ڪندي.

ڀٽيلي

ان موقعي تي ڳالهائيندي چيو ته سنڌ جي عوام کي سندن حق ڏيڻ گهرجن ۽ حڪومت کي گهرجي ته هو فوري طور تي انهن مسئلن جو حل ڪري جيئن عوام کي راحت ملي سگهي ۽ علائقي ۾ امن امان جي صورتحال بهتر ٿي سگهي. هن وڌيڪ چيو ته پارٽي پنهنجي جدوجهد جاري رکندي ۽ ڪنهن به قيمت تي عوام جي حقن تي سودو نه ڪندي.

ان موقعي تي ڳالهائيندي چيو ته سنڌ جي عوام کي سندن حق ڏيڻ گهرجن ۽ حڪومت کي گهرجي ته هو فوري طور تي انهن مسئلن جو حل ڪري جيئن عوام کي راحت ملي سگهي ۽ علائقي ۾ امن امان جي صورتحال بهتر ٿي سگهي. هن وڌيڪ چيو ته پارٽي پنهنجي جدوجهد جاري رکندي ۽ ڪنهن به قيمت تي عوام جي حقن تي سودو نه ڪندي.

ان موقعي تي ڳالهائيندي چيو ته سنڌ جي عوام کي سندن حق ڏيڻ گهرجن ۽ حڪومت کي گهرجي ته هو فوري طور تي انهن مسئلن جو حل ڪري جيئن عوام کي راحت ملي سگهي ۽ علائقي ۾ امن امان جي صورتحال بهتر ٿي سگهي. هن وڌيڪ چيو ته پارٽي پنهنجي جدوجهد جاري رکندي ۽ ڪنهن به قيمت تي عوام جي حقن تي سودو نه ڪندي.

ان موقعي تي ڳالهائيندي چيو ته سنڌ جي عوام کي سندن حق ڏيڻ گهرجن ۽ حڪومت کي گهرجي ته هو فوري طور تي انهن مسئلن جو حل ڪري جيئن عوام کي راحت ملي سگهي ۽ علائقي ۾ امن امان جي صورتحال بهتر ٿي سگهي. هن وڌيڪ چيو ته پارٽي پنهنجي جدوجهد جاري رکندي ۽ ڪنهن به قيمت تي عوام جي حقن تي سودو نه ڪندي.

بنيظير اجلاس

ان موقعي تي ڳالهائيندي چيو ته سنڌ جي عوام کي سندن حق ڏيڻ گهرجن ۽ حڪومت کي گهرجي ته هو فوري طور تي انهن مسئلن جو حل ڪري جيئن عوام کي راحت ملي سگهي ۽ علائقي ۾ امن امان جي صورتحال بهتر ٿي سگهي. هن وڌيڪ چيو ته پارٽي پنهنجي جدوجهد جاري رکندي ۽ ڪنهن به قيمت تي عوام جي حقن تي سودو نه ڪندي.

ان موقعي تي ڳالهائيندي چيو ته سنڌ جي عوام کي سندن حق ڏيڻ گهرجن ۽ حڪومت کي گهرجي ته هو فوري طور تي انهن مسئلن جو حل ڪري جيئن عوام کي راحت ملي سگهي ۽ علائقي ۾ امن امان جي صورتحال بهتر ٿي سگهي. هن وڌيڪ چيو ته پارٽي پنهنجي جدوجهد جاري رکندي ۽ ڪنهن به قيمت تي عوام جي حقن تي سودو نه ڪندي.

ان موقعي تي ڳالهائيندي چيو ته سنڌ جي عوام کي سندن حق ڏيڻ گهرجن ۽ حڪومت کي گهرجي ته هو فوري طور تي انهن مسئلن جو حل ڪري جيئن عوام کي راحت ملي سگهي ۽ علائقي ۾ امن امان جي صورتحال بهتر ٿي سگهي. هن وڌيڪ چيو ته پارٽي پنهنجي جدوجهد جاري رکندي ۽ ڪنهن به قيمت تي عوام جي حقن تي سودو نه ڪندي.

ان موقعي تي ڳالهائيندي چيو ته سنڌ جي عوام کي سندن حق ڏيڻ گهرجن ۽ حڪومت کي گهرجي ته هو فوري طور تي انهن مسئلن جو حل ڪري جيئن عوام کي راحت ملي سگهي ۽ علائقي ۾ امن امان جي صورتحال بهتر ٿي سگهي. هن وڌيڪ چيو ته پارٽي پنهنجي جدوجهد جاري رکندي ۽ ڪنهن به قيمت تي عوام جي حقن تي سودو نه ڪندي.

ان موقعي تي ڳالهائيندي چيو ته سنڌ جي عوام کي سندن حق ڏيڻ گهرجن ۽ حڪومت کي گهرجي ته هو فوري طور تي انهن مسئلن جو حل ڪري جيئن عوام کي راحت ملي سگهي ۽ علائقي ۾ امن امان جي صورتحال بهتر ٿي سگهي. هن وڌيڪ چيو ته پارٽي پنهنجي جدوجهد جاري رکندي ۽ ڪنهن به قيمت تي عوام جي حقن تي سودو نه ڪندي.

جيڪب آباد / قادر

ان موقعي تي ڳالهائيندي چيو ته سنڌ جي عوام کي سندن حق ڏيڻ گهرجن ۽ حڪومت کي گهرجي ته هو فوري طور تي انهن مسئلن جو حل ڪري جيئن عوام کي راحت ملي سگهي ۽ علائقي ۾ امن امان جي صورتحال بهتر ٿي سگهي. هن وڌيڪ چيو ته پارٽي پنهنجي جدوجهد جاري رکندي ۽ ڪنهن به قيمت تي عوام جي حقن تي سودو نه ڪندي.

ان موقعي تي ڳالهائيندي چيو ته سنڌ جي عوام کي سندن حق ڏيڻ گهرجن ۽ حڪومت کي گهرجي ته هو فوري طور تي انهن مسئلن جو حل ڪري جيئن عوام کي راحت ملي سگهي ۽ علائقي ۾ امن امان جي صورتحال بهتر ٿي سگهي. هن وڌيڪ چيو ته پارٽي پنهنجي جدوجهد جاري رکندي ۽ ڪنهن به قيمت تي عوام جي حقن تي سودو نه ڪندي.

حيدرآباد / قادر

ان موقعي تي ڳالهائيندي چيو ته سنڌ جي عوام کي سندن حق ڏيڻ گهرجن ۽ حڪومت کي گهرجي ته هو فوري طور تي انهن مسئلن جو حل ڪري جيئن عوام کي راحت ملي سگهي ۽ علائقي ۾ امن امان جي صورتحال بهتر ٿي سگهي. هن وڌيڪ چيو ته پارٽي پنهنجي جدوجهد جاري رکندي ۽ ڪنهن به قيمت تي عوام جي حقن تي سودو نه ڪندي.

ان موقعي تي ڳالهائيندي چيو ته سنڌ جي عوام کي سندن حق ڏيڻ گهرجن ۽ حڪومت کي گهرجي ته هو فوري طور تي انهن مسئلن جو حل ڪري جيئن عوام کي راحت ملي سگهي ۽ علائقي ۾ امن امان جي صورتحال بهتر ٿي سگهي. هن وڌيڪ چيو ته پارٽي پنهنجي جدوجهد جاري رکندي ۽ ڪنهن به قيمت تي عوام جي حقن تي سودو نه ڪندي.

حمبرو جي

ان موقعي تي ڳالهائيندي چيو ته سنڌ جي عوام کي سندن حق ڏيڻ گهرجن ۽ حڪومت کي گهرجي ته هو فوري طور تي انهن مسئلن جو حل ڪري جيئن عوام کي راحت ملي سگهي ۽ علائقي ۾ امن امان جي صورتحال بهتر ٿي سگهي. هن وڌيڪ چيو ته پارٽي پنهنجي جدوجهد جاري رکندي ۽ ڪنهن به قيمت تي عوام جي حقن تي سودو نه ڪندي.

ايم جو ايم اي فيصلي جو ايم جي تعزيت

ان موقعي تي ڳالهائيندي چيو ته سنڌ جي عوام کي سندن حق ڏيڻ گهرجن ۽ حڪومت کي گهرجي ته هو فوري طور تي انهن مسئلن جو حل ڪري جيئن عوام کي راحت ملي سگهي ۽ علائقي ۾ امن امان جي صورتحال بهتر ٿي سگهي. هن وڌيڪ چيو ته پارٽي پنهنجي جدوجهد جاري رکندي ۽ ڪنهن به قيمت تي عوام جي حقن تي سودو نه ڪندي.

لاڙڪاڻي جي پتيڊن ڊاڪٽر

ان موقعي تي ڳالهائيندي چيو ته سنڌ جي عوام کي سندن حق ڏيڻ گهرجن ۽ حڪومت کي گهرجي ته هو فوري طور تي انهن مسئلن جو حل ڪري جيئن عوام کي راحت ملي سگهي ۽ علائقي ۾ امن امان جي صورتحال بهتر ٿي سگهي. هن وڌيڪ چيو ته پارٽي پنهنجي جدوجهد جاري رکندي ۽ ڪنهن به قيمت تي عوام جي حقن تي سودو نه ڪندي.

ڪاوش نيوز
